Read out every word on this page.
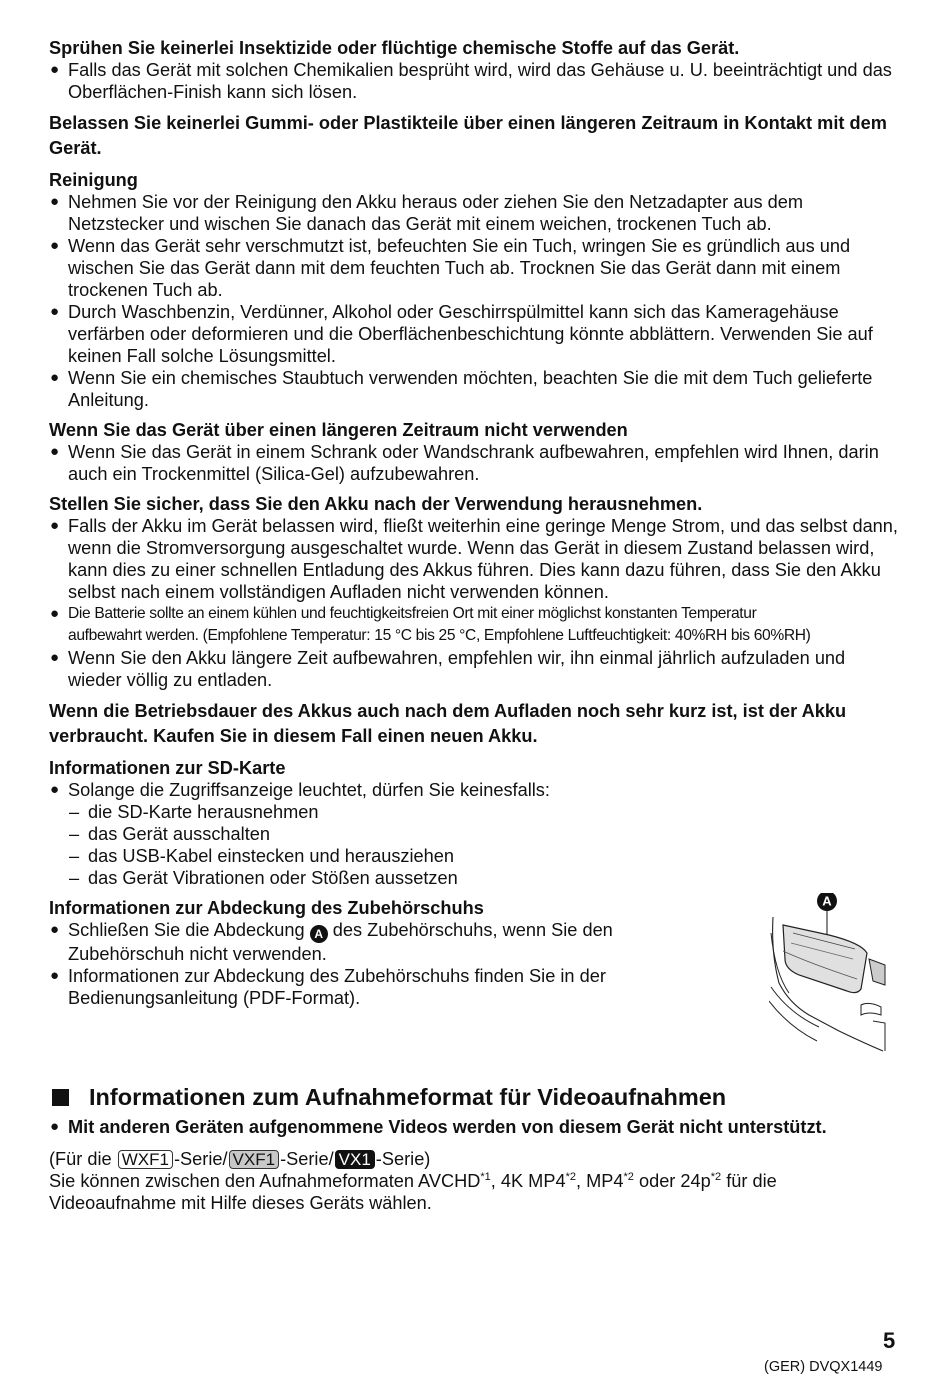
Sprühen Sie keinerlei Insektizide oder flüchtige chemische Stoffe auf das Gerät.

● Falls das Gerät mit solchen Chemikalien besprüht wird, wird das Gehäuse u. U. beeinträchtigt und das Oberflächen-Finish kann sich lösen.

Belassen Sie keinerlei Gummi- oder Plastikteile über einen längeren Zeitraum in Kontakt mit dem Gerät.

Reinigung

● Nehmen Sie vor der Reinigung den Akku heraus oder ziehen Sie den Netzadapter aus dem Netzstecker und wischen Sie danach das Gerät mit einem weichen, trockenen Tuch ab.
● Wenn das Gerät sehr verschmutzt ist, befeuchten Sie ein Tuch, wringen Sie es gründlich aus und wischen Sie das Gerät dann mit dem feuchten Tuch ab. Trocknen Sie das Gerät dann mit einem trockenen Tuch ab.
● Durch Waschbenzin, Verdünner, Alkohol oder Geschirrspülmittel kann sich das Kameragehäuse verfärben oder deformieren und die Oberflächenbeschichtung könnte abblättern. Verwenden Sie auf keinen Fall solche Lösungsmittel.
● Wenn Sie ein chemisches Staubtuch verwenden möchten, beachten Sie die mit dem Tuch gelieferte Anleitung.

Wenn Sie das Gerät über einen längeren Zeitraum nicht verwenden

● Wenn Sie das Gerät in einem Schrank oder Wandschrank aufbewahren, empfehlen wird Ihnen, darin auch ein Trockenmittel (Silica-Gel) aufzubewahren.

Stellen Sie sicher, dass Sie den Akku nach der Verwendung herausnehmen.

● Falls der Akku im Gerät belassen wird, fließt weiterhin eine geringe Menge Strom, und das selbst dann, wenn die Stromversorgung ausgeschaltet wurde. Wenn das Gerät in diesem Zustand belassen wird, kann dies zu einer schnellen Entladung des Akkus führen. Dies kann dazu führen, dass Sie den Akku selbst nach einem vollständigen Aufladen nicht verwenden können.
● Die Batterie sollte an einem kühlen und feuchtigkeitsfreien Ort mit einer möglichst konstanten Temperatur
aufbewahrt werden. (Empfohlene Temperatur: 15 °C bis 25 °C, Empfohlene Luftfeuchtigkeit: 40%RH bis 60%RH)
● Wenn Sie den Akku längere Zeit aufbewahren, empfehlen wir, ihn einmal jährlich aufzuladen und wieder völlig zu entladen.

Wenn die Betriebsdauer des Akkus auch nach dem Aufladen noch sehr kurz ist, ist der Akku verbraucht. Kaufen Sie in diesem Fall einen neuen Akku.

Informationen zur SD-Karte

● Solange die Zugriffsanzeige leuchtet, dürfen Sie keinesfalls:
– die SD-Karte herausnehmen
– das Gerät ausschalten
– das USB-Kabel einstecken und herausziehen
– das Gerät Vibrationen oder Stößen aussetzen

Informationen zur Abdeckung des Zubehörschuhs

● Schließen Sie die Abdeckung A des Zubehörschuhs, wenn Sie den Zubehörschuh nicht verwenden.
● Informationen zur Abdeckung des Zubehörschuhs finden Sie in der Bedienungsanleitung (PDF-Format).
A

Informationen zum Aufnahmeformat für Videoaufnahmen

● Mit anderen Geräten aufgenommene Videos werden von diesem Gerät nicht unterstützt.

(Für die WXF1 -Serie/ VXF1 -Serie/ VX1 -Serie)

Sie können zwischen den Aufnahmeformaten AVCHD$^{*1}$, 4K MP4$^{*2}$, MP4$^{*2}$ oder $24p^{*2}$ für die

Videoaufnahme mit Hilfe dieses Geräts wählen.

5
(GER) DVQX1449
